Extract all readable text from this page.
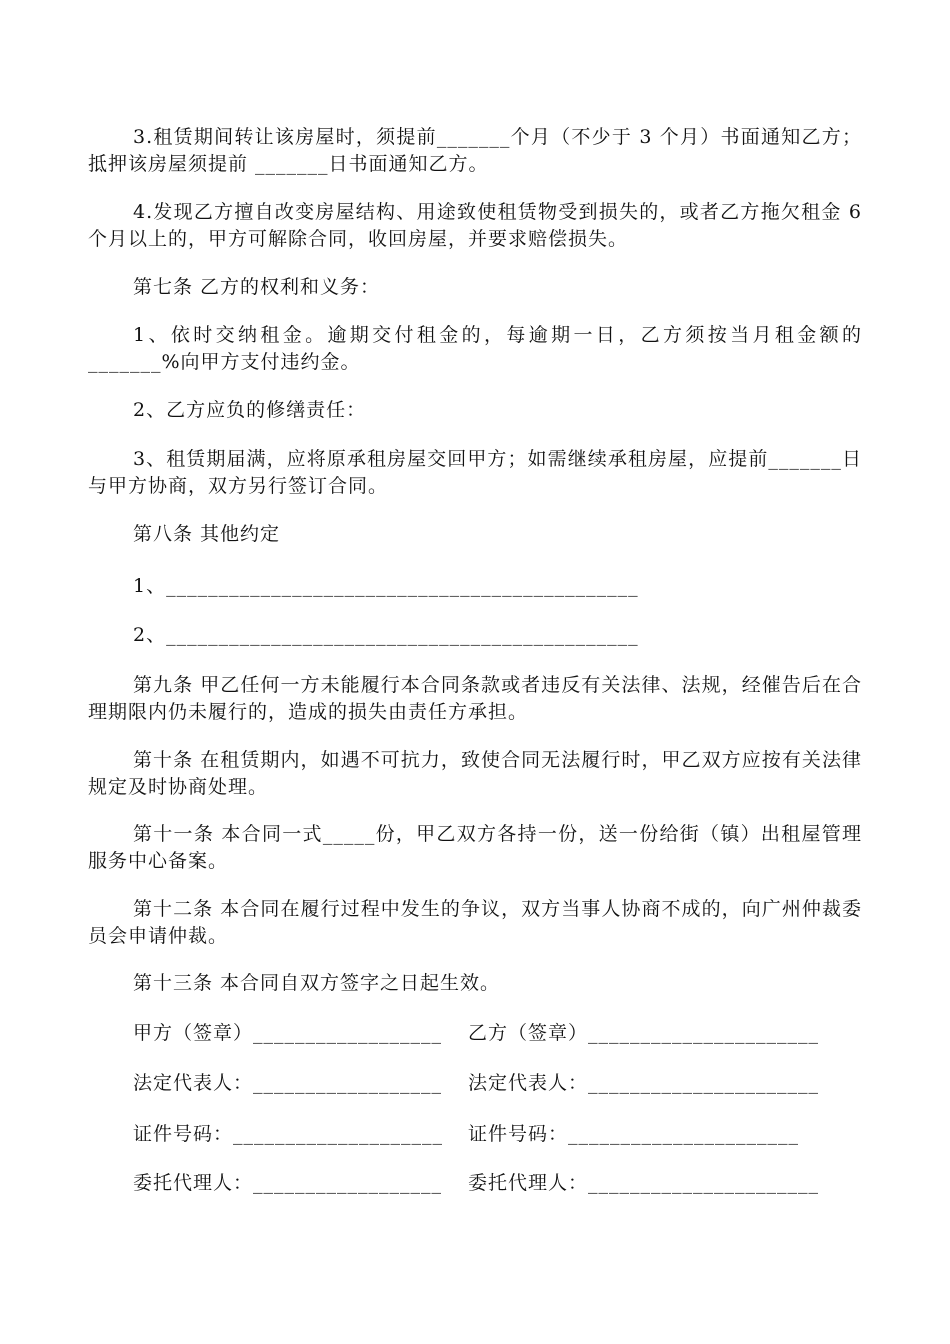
3.租赁期间转让该房屋时，须提前_______个月（不少于 3 个月）书面通知乙方；抵押该房屋须提前 _______日书面通知乙方。

4.发现乙方擅自改变房屋结构、用途致使租赁物受到损失的，或者乙方拖欠租金 6 个月以上的，甲方可解除合同，收回房屋，并要求赔偿损失。

第七条 乙方的权利和义务：

1、依时交纳租金。逾期交付租金的，每逾期一日，乙方须按当月租金额的_______%向甲方支付违约金。

2、乙方应负的修缮责任：

3、租赁期届满，应将原承租房屋交回甲方；如需继续承租房屋，应提前_______日与甲方协商，双方另行签订合同。

第八条 其他约定

1、_____________________________________________

2、_____________________________________________

第九条 甲乙任何一方未能履行本合同条款或者违反有关法律、法规，经催告后在合理期限内仍未履行的，造成的损失由责任方承担。

第十条 在租赁期内，如遇不可抗力，致使合同无法履行时，甲乙双方应按有关法律规定及时协商处理。

第十一条 本合同一式_____份，甲乙双方各持一份，送一份给街（镇）出租屋管理服务中心备案。

第十二条 本合同在履行过程中发生的争议，双方当事人协商不成的，向广州仲裁委员会申请仲裁。

第十三条 本合同自双方签字之日起生效。

甲方（签章）__________________ 乙方（签章）______________________
法定代表人：__________________ 法定代表人：______________________
证件号码：____________________ 证件号码：______________________
委托代理人：__________________ 委托代理人：______________________
